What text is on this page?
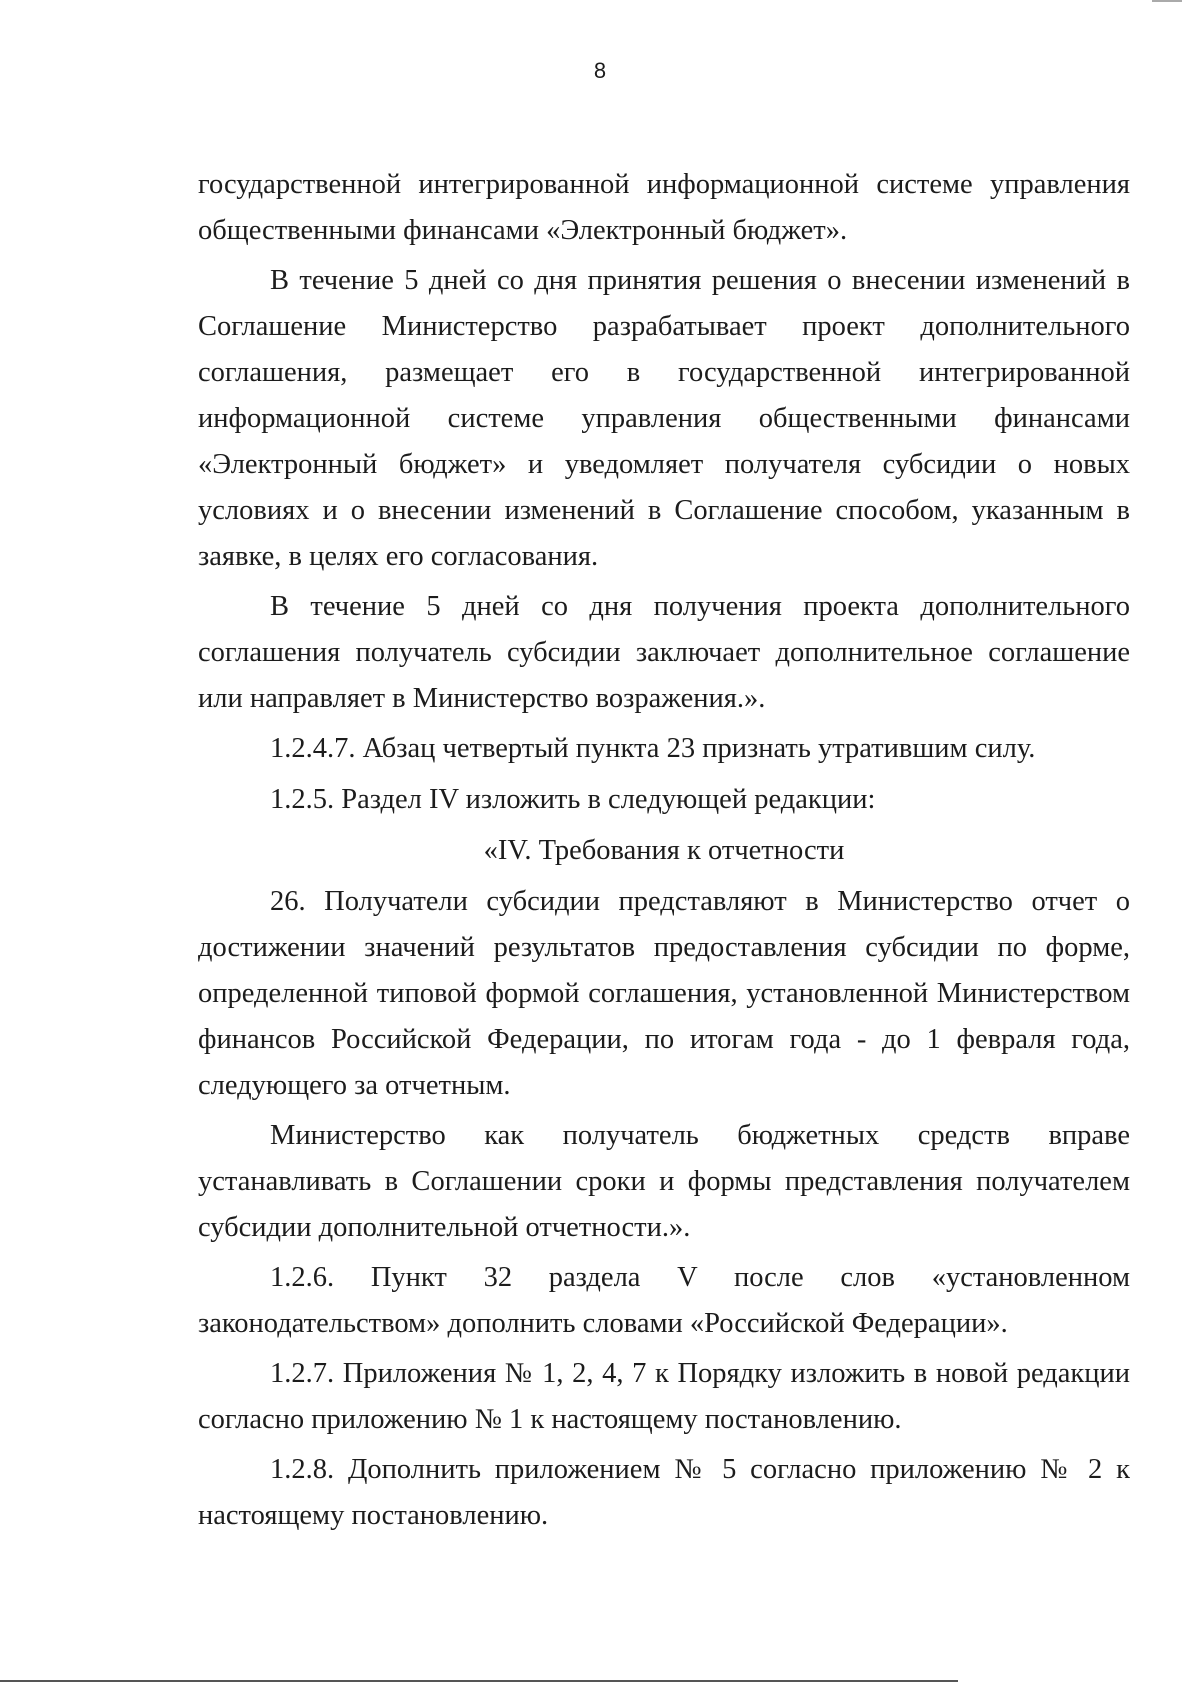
8

государственной интегрированной информационной системе управления общественными финансами «Электронный бюджет».

В течение 5 дней со дня принятия решения о внесении изменений в Соглашение Министерство разрабатывает проект дополнительного соглашения, размещает его в государственной интегрированной информационной системе управления общественными финансами «Электронный бюджет» и уведомляет получателя субсидии о новых условиях и о внесении изменений в Соглашение способом, указанным в заявке, в целях его согласования.

В течение 5 дней со дня получения проекта дополнительного соглашения получатель субсидии заключает дополнительное соглашение или направляет в Министерство возражения.».

1.2.4.7. Абзац четвертый пункта 23 признать утратившим силу.

1.2.5. Раздел IV изложить в следующей редакции:

«IV. Требования к отчетности

26. Получатели субсидии представляют в Министерство отчет о достижении значений результатов предоставления субсидии по форме, определенной типовой формой соглашения, установленной Министерством финансов Российской Федерации, по итогам года - до 1 февраля года, следующего за отчетным.

Министерство как получатель бюджетных средств вправе устанавливать в Соглашении сроки и формы представления получателем субсидии дополнительной отчетности.».

1.2.6. Пункт 32 раздела V после слов «установленном законодательством» дополнить словами «Российской Федерации».

1.2.7. Приложения № 1, 2, 4, 7 к Порядку изложить в новой редакции согласно приложению № 1 к настоящему постановлению.

1.2.8. Дополнить приложением № 5 согласно приложению № 2 к настоящему постановлению.
